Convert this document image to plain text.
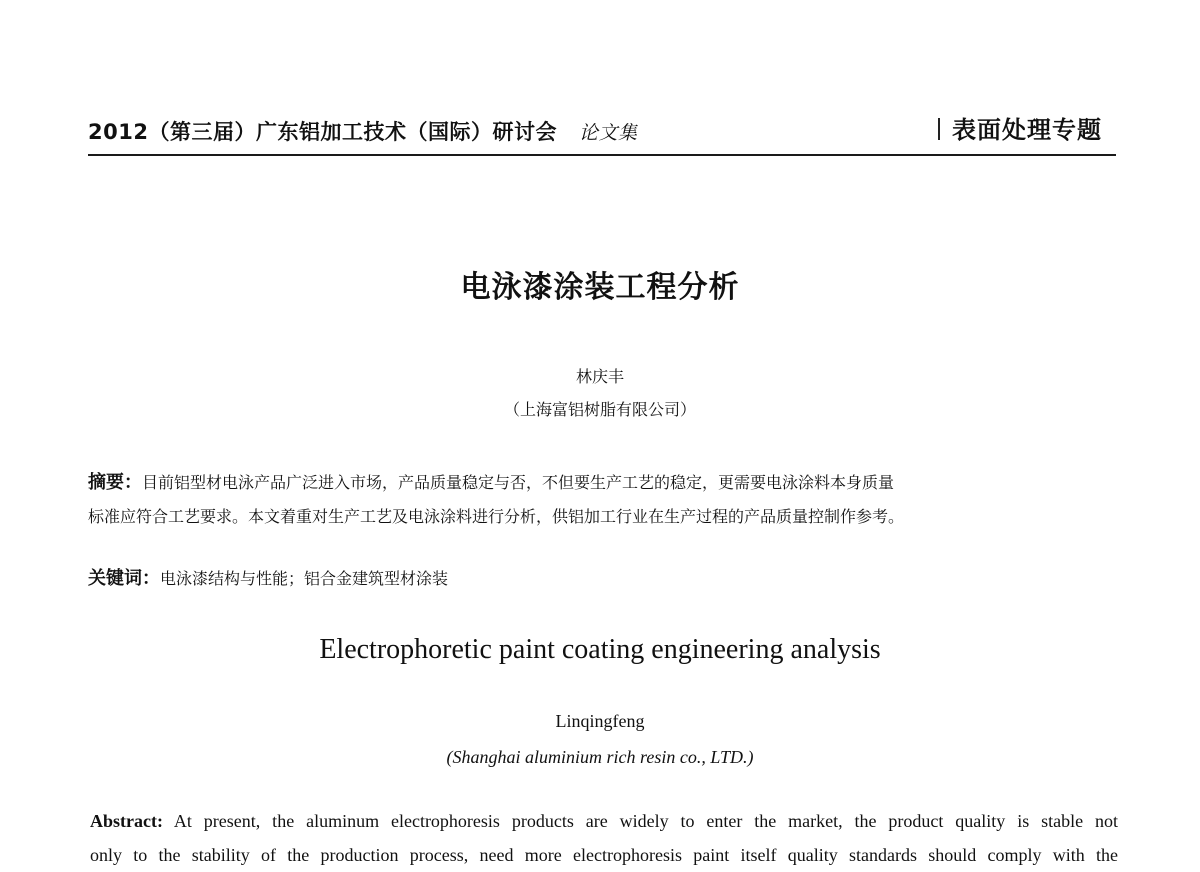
2012（第三届）广东铝加工技术（国际）研讨会 论文集	表面处理专题
电泳漆涂装工程分析
林庆丰
（上海富铝树脂有限公司）
摘要：目前铝型材电泳产品广泛进入市场，产品质量稳定与否，不但要生产工艺的稳定，更需要电泳涂料本身质量
标准应符合工艺要求。本文着重对生产工艺及电泳涂料进行分析，供铝加工行业在生产过程的产品质量控制作参考。
关键词：电泳漆结构与性能；铝合金建筑型材涂装
Electrophoretic paint coating engineering analysis
Linqingfeng
(Shanghai aluminium rich resin co., LTD.)
Abstract: At present, the aluminum electrophoresis products are widely to enter the market, the product quality is stable not
only to the stability of the production process, need more electrophoresis paint itself quality standards should comply with the
